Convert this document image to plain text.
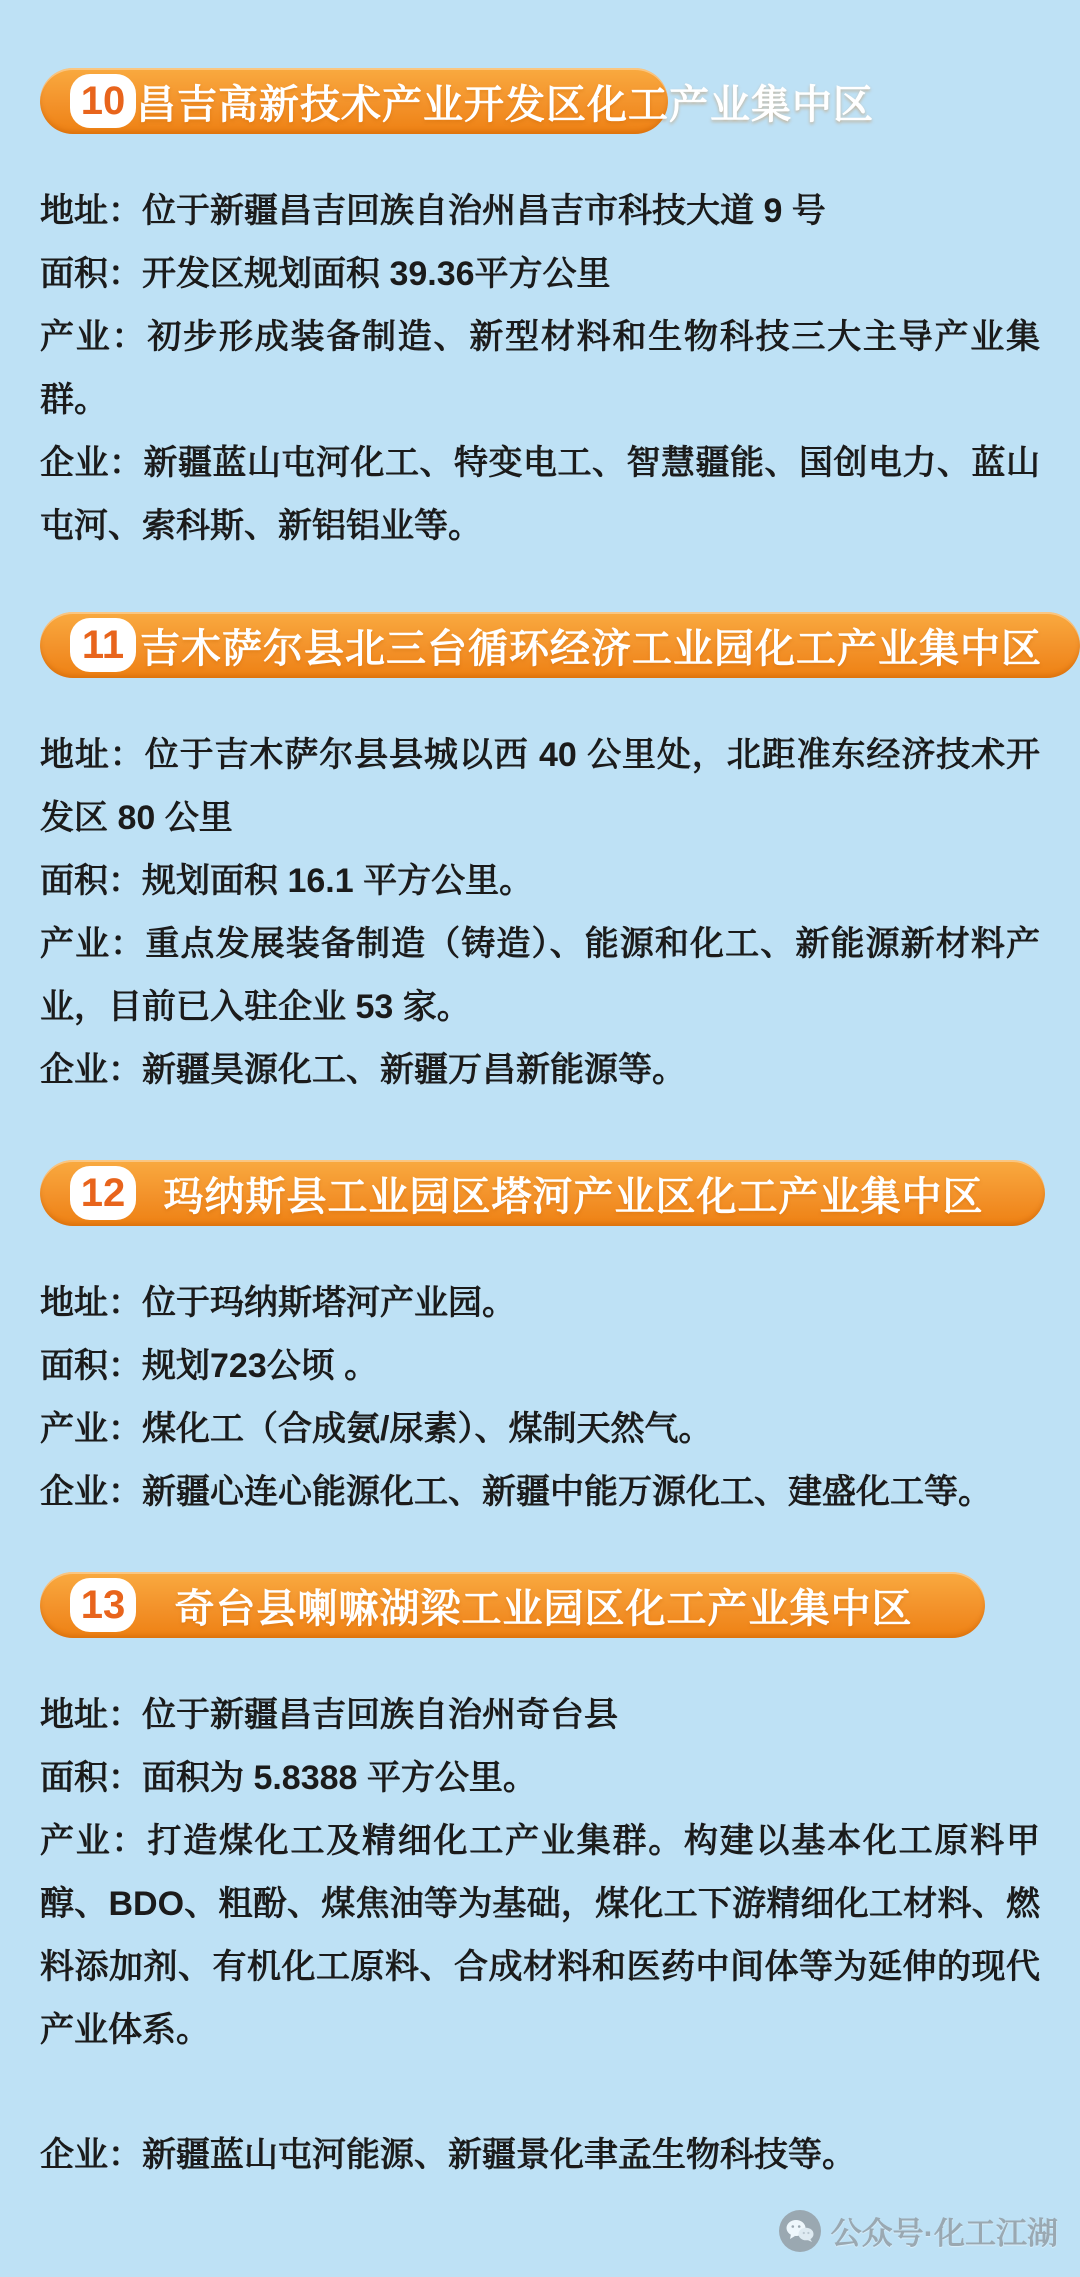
10 昌吉高新技术产业开发区化工产业集中区

地址：位于新疆昌吉回族自治州昌吉市科技大道 9 号

面积：开发区规划面积 39.36平方公里

产业：初步形成装备制造、新型材料和生物科技三大主导产业集群。

企业：新疆蓝山屯河化工、特变电工、智慧疆能、国创电力、蓝山屯河、索科斯、新铝铝业等。

11 吉木萨尔县北三台循环经济工业园化工产业集中区

地址：位于吉木萨尔县县城以西 40 公里处，北距准东经济技术开发区 80 公里

面积：规划面积 16.1 平方公里。

产业：重点发展装备制造（铸造）、能源和化工、新能源新材料产业，目前已入驻企业 53 家。

企业：新疆昊源化工、新疆万昌新能源等。

12 玛纳斯县工业园区塔河产业区化工产业集中区

地址：位于玛纳斯塔河产业园。

面积：规划723公顷 。

产业：煤化工（合成氨/尿素）、煤制天然气。

企业：新疆心连心能源化工、新疆中能万源化工、建盛化工等。

13	奇台县喇嘛湖梁工业园区化工产业集中区

地址：位于新疆昌吉回族自治州奇台县

面积：面积为 5.8388 平方公里。

产业：打造煤化工及精细化工产业集群。构建以基本化工原料甲醇、BDO、粗酚、煤焦油等为基础，煤化工下游精细化工材料、燃料添加剂、有机化工原料、合成材料和医药中间体等为延伸的现代产业体系。

企业：新疆蓝山屯河能源、新疆景化聿孟生物科技等。

公众号·化工江湖
